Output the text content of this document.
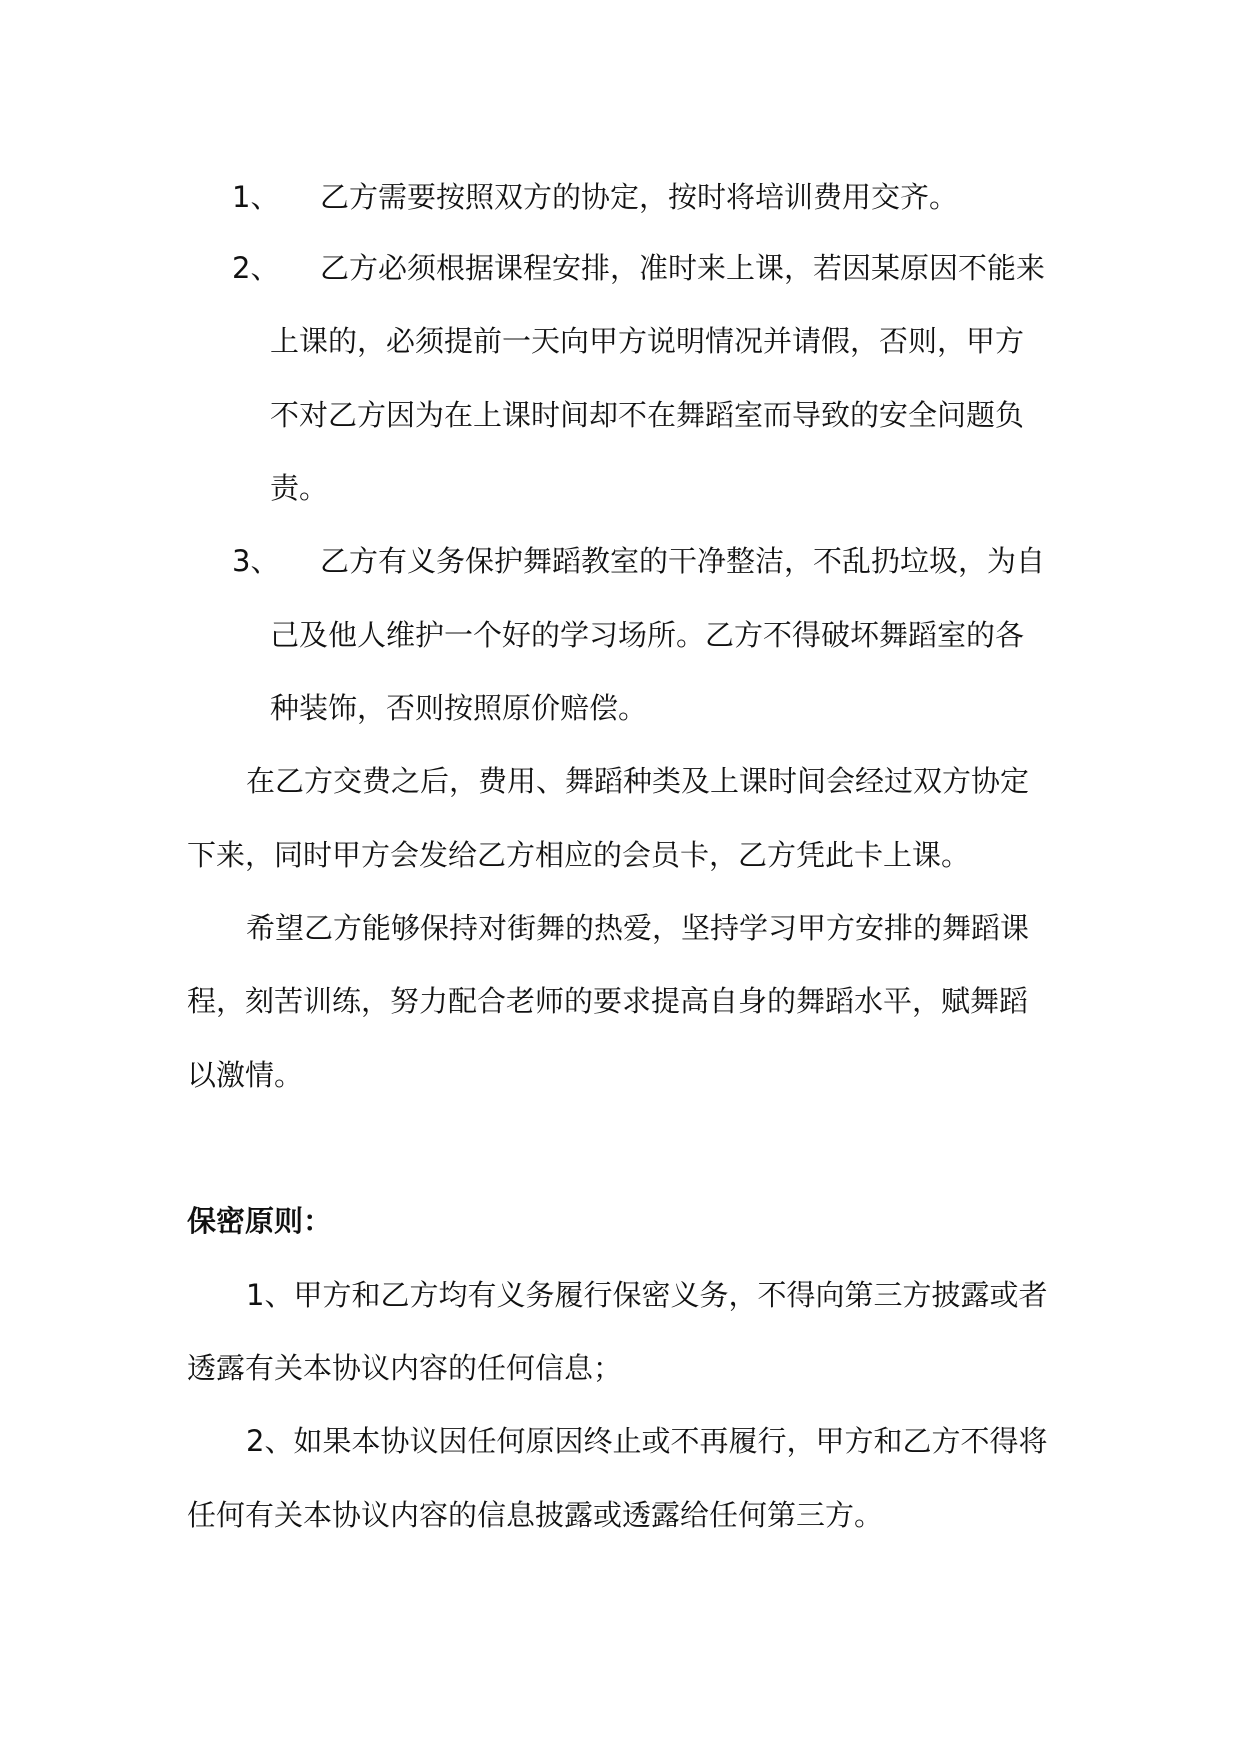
1、 乙方需要按照双方的协定，按时将培训费用交齐。
2、 乙方必须根据课程安排，准时来上课，若因某原因不能来
上课的，必须提前一天向甲方说明情况并请假，否则，甲方
不对乙方因为在上课时间却不在舞蹈室而导致的安全问题负
责。
3、 乙方有义务保护舞蹈教室的干净整洁，不乱扔垃圾，为自
己及他人维护一个好的学习场所。乙方不得破坏舞蹈室的各
种装饰，否则按照原价赔偿。
在乙方交费之后，费用、舞蹈种类及上课时间会经过双方协定
下来，同时甲方会发给乙方相应的会员卡，乙方凭此卡上课。
希望乙方能够保持对街舞的热爱，坚持学习甲方安排的舞蹈课
程，刻苦训练，努力配合老师的要求提高自身的舞蹈水平，赋舞蹈
以激情。
保密原则：
1、甲方和乙方均有义务履行保密义务，不得向第三方披露或者
透露有关本协议内容的任何信息；
2、如果本协议因任何原因终止或不再履行，甲方和乙方不得将
任何有关本协议内容的信息披露或透露给任何第三方。
